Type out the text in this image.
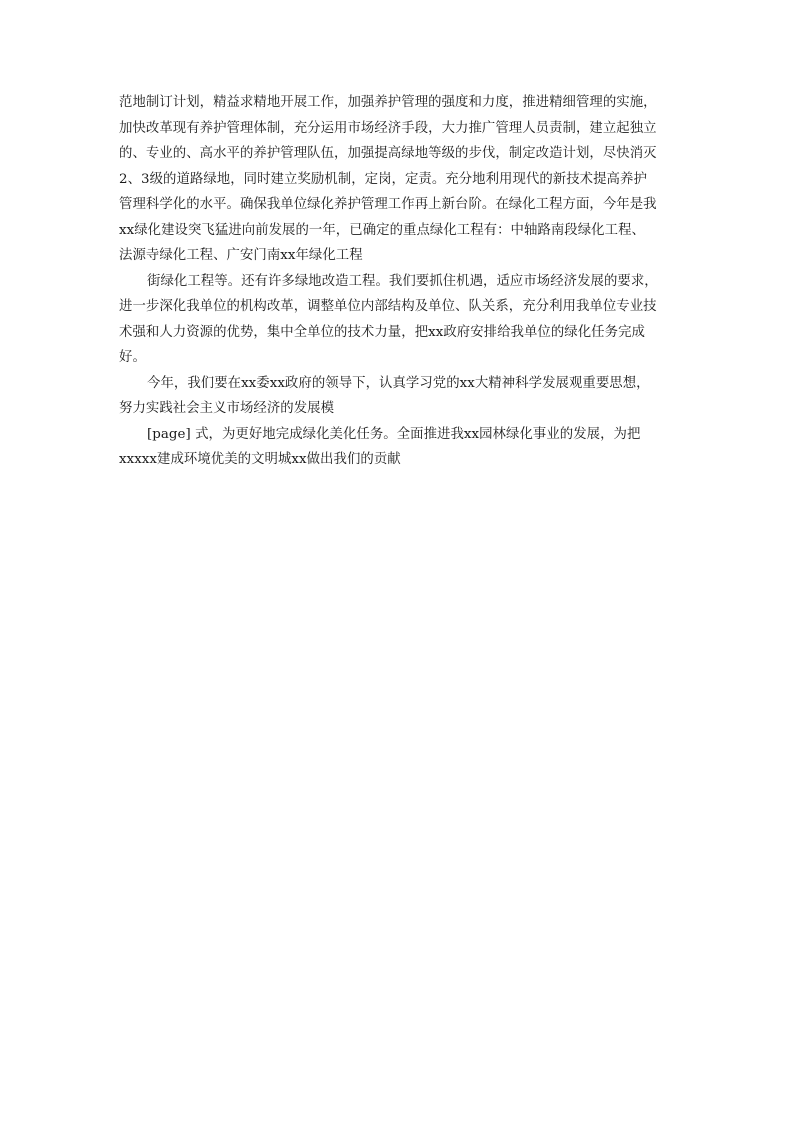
范地制订计划，精益求精地开展工作，加强养护管理的强度和力度，推进精细管理的实施，
加快改革现有养护管理体制，充分运用市场经济手段，大力推广管理人员责制，建立起独立
的、专业的、高水平的养护管理队伍，加强提高绿地等级的步伐，制定改造计划，尽快消灭
2、3级的道路绿地，同时建立奖励机制，定岗，定责。充分地利用现代的新技术提高养护
管理科学化的水平。确保我单位绿化养护管理工作再上新台阶。在绿化工程方面，今年是我
xx绿化建设突飞猛进向前发展的一年，已确定的重点绿化工程有：中轴路南段绿化工程、
法源寺绿化工程、广安门南xx年绿化工程
街绿化工程等。还有许多绿地改造工程。我们要抓住机遇，适应市场经济发展的要求，
进一步深化我单位的机构改革，调整单位内部结构及单位、队关系，充分利用我单位专业技
术强和人力资源的优势，集中全单位的技术力量，把xx政府安排给我单位的绿化任务完成
好。
今年，我们要在xx委xx政府的领导下，认真学习党的xx大精神科学发展观重要思想，
努力实践社会主义市场经济的发展模
[page] 式，为更好地完成绿化美化任务。全面推进我xx园林绿化事业的发展，为把
xxxxx建成环境优美的文明城xx做出我们的贡献
